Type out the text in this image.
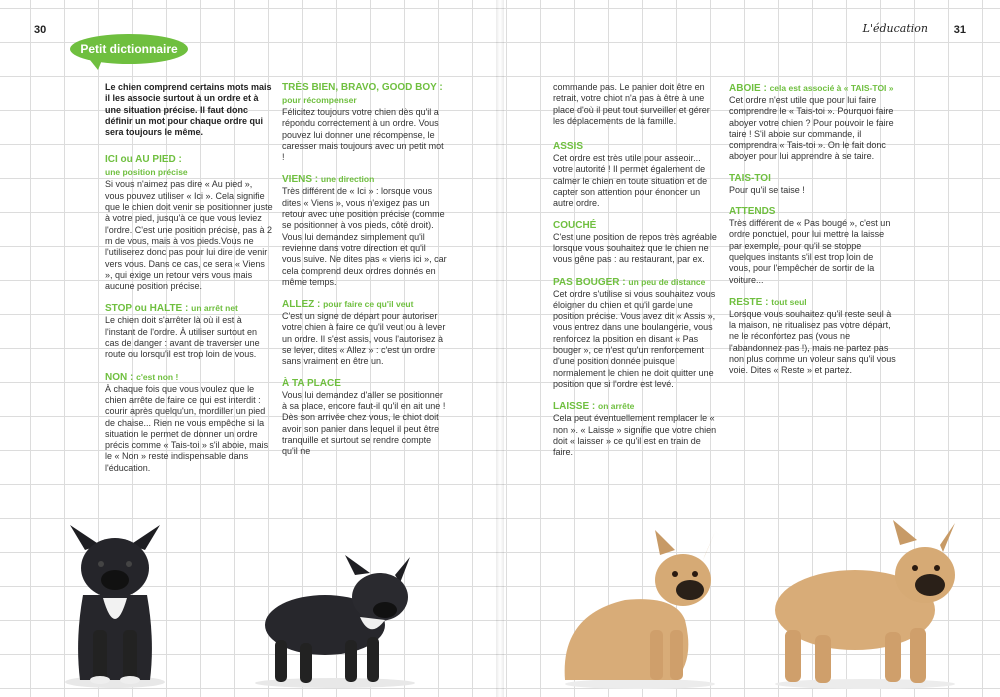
30	L'éducation 31
Petit dictionnaire

Le chien comprend certains mots mais il les associe surtout à un ordre et à une situation précise. Il faut donc définir un mot pour chaque ordre qui sera toujours le même.

ICI ou AU PIED :
une position précise

Si vous n'aimez pas dire « Au pied », vous pouvez utiliser « Ici ». Cela signifie que le chien doit venir se positionner juste à votre pied, jusqu'à ce que vous leviez l'ordre. C'est une position précise, pas à 2 m de vous, mais à vos pieds.Vous ne l'utiliserez donc pas pour lui dire de venir vers vous. Dans ce cas, ce sera « Viens », qui exige un retour vers vous mais aucune position précise.

STOP ou HALTE : un arrêt net

Le chien doit s'arrêter là où il est à l'instant de l'ordre. À utiliser surtout en cas de danger : avant de traverser une route ou lorsqu'il est trop loin de vous.

NON : c'est non !

À chaque fois que vous voulez que le chien arrête de faire ce qui est interdit : courir après quelqu'un, mordiller un pied de chaise... Rien ne vous empêche si la situation le permet de donner un ordre précis comme « Tais-toi » s'il aboie, mais le « Non » reste indispensable dans l'éducation.

TRÈS BIEN, BRAVO, GOOD BOY :
pour récompenser

Félicitez toujours votre chien dès qu'il a répondu correctement à un ordre. Vous pouvez lui donner une récompense, le caresser mais toujours avec un petit mot !

VIENS : une direction

Très différent de « Ici » : lorsque vous dites « Viens », vous n'exigez pas un retour avec une position précise (comme se positionner à vos pieds, côté droit). Vous lui demandez simplement qu'il revienne dans votre direction et qu'il vous suive. Ne dites pas « viens ici », car cela comprend deux ordres donnés en même temps.

ALLEZ : pour faire ce qu'il veut

C'est un signe de départ pour autoriser votre chien à faire ce qu'il veut ou à lever un ordre. Il s'est assis, vous l'autorisez à se lever, dites « Allez » : c'est un ordre sans vraiment en être un.

À TA PLACE

Vous lui demandez d'aller se positionner à sa place, encore faut-il qu'il en ait une ! Dès son arrivée chez vous, le chiot doit avoir son panier dans lequel il peut être tranquille et surtout se rendre compte qu'il ne

commande pas. Le panier doit être en retrait, votre chiot n'a pas à être à une place d'où il peut tout surveiller et gérer les déplacements de la famille.

ASSIS

Cet ordre est très utile pour asseoir... votre autorité ! Il permet également de calmer le chien en toute situation et de capter son attention pour énoncer un autre ordre.

COUCHÉ

C'est une position de repos très agréable lorsque vous souhaitez que le chien ne vous gêne pas : au restaurant, par ex.

PAS BOUGER : un peu de distance

Cet ordre s'utilise si vous souhaitez vous éloigner du chien et qu'il garde une position précise. Vous avez dit « Assis », vous entrez dans une boulangerie, vous renforcez la position en disant « Pas bouger », ce n'est qu'un renforcement d'une position donnée puisque normalement le chien ne doit quitter une position que si l'ordre est levé.

LAISSE : on arrête

Cela peut éventuellement remplacer le « non ». « Laisse » signifie que votre chien doit « laisser » ce qu'il est en train de faire.

ABOIE : cela est associé à « TAIS-TOI »

Cet ordre n'est utile que pour lui faire comprendre le « Tais-toi ». Pourquoi faire aboyer votre chien ? Pour pouvoir le faire taire ! S'il aboie sur commande, il comprendra « Tais-toi ». On le fait donc aboyer pour lui apprendre à se taire.

TAIS-TOI

Pour qu'il se taise !

ATTENDS

Très différent de « Pas bougé », c'est un ordre ponctuel, pour lui mettre la laisse par exemple, pour qu'il se stoppe quelques instants s'il est trop loin de vous, pour l'empêcher de sortir de la voiture...

RESTE : tout seul

Lorsque vous souhaitez qu'il reste seul à la maison, ne ritualisez pas votre départ, ne le réconfortez pas (vous ne l'abandonnez pas !), mais ne partez pas non plus comme un voleur sans qu'il vous voie. Dites « Reste » et partez.
